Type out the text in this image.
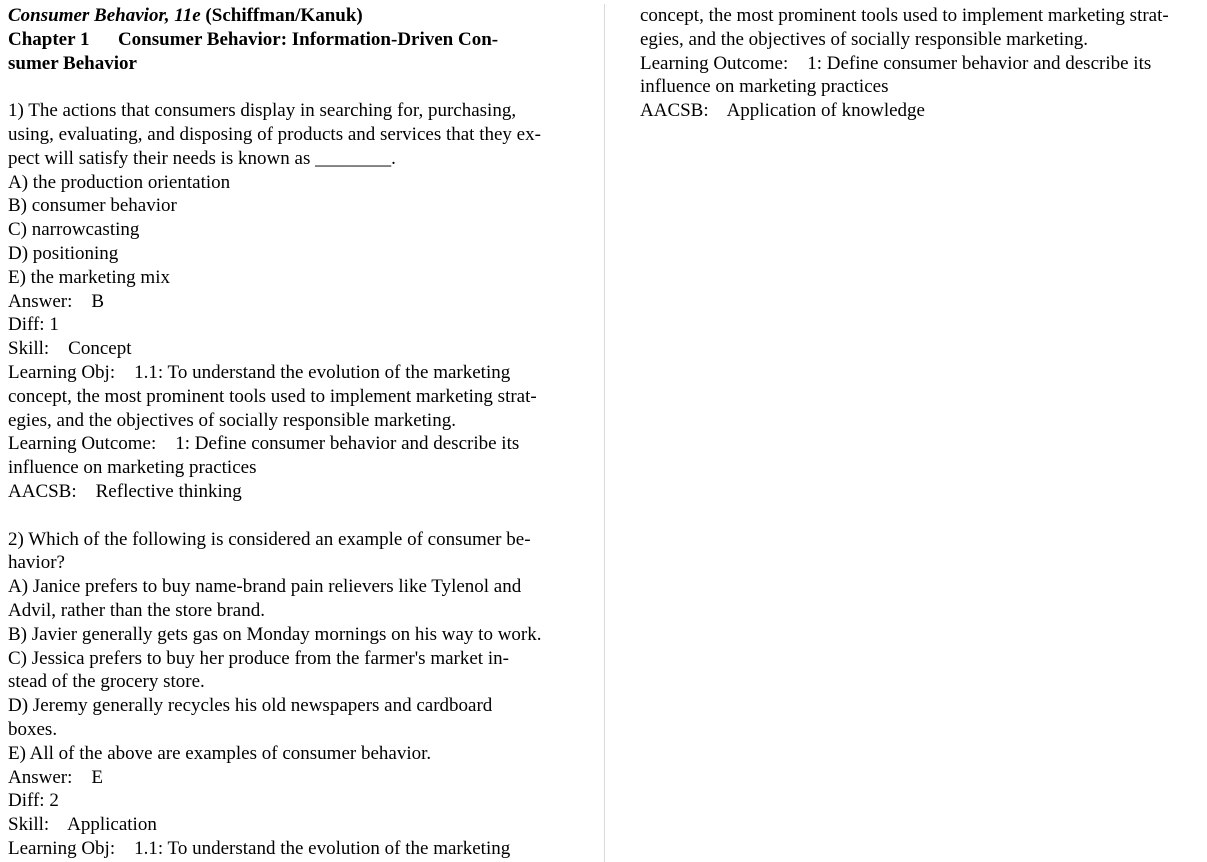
Consumer Behavior, 11e (Schiffman/Kanuk)
Chapter 1      Consumer Behavior: Information-Driven Con-
sumer Behavior
1) The actions that consumers display in searching for, purchasing,
using, evaluating, and disposing of products and services that they ex-
pect will satisfy their needs is known as ________.
A) the production orientation
B) consumer behavior
C) narrowcasting
D) positioning
E) the marketing mix
Answer:    B
Diff: 1
Skill:    Concept
Learning Obj:    1.1: To understand the evolution of the marketing
concept, the most prominent tools used to implement marketing strat-
egies, and the objectives of socially responsible marketing.
Learning Outcome:    1: Define consumer behavior and describe its
influence on marketing practices
AACSB:    Reflective thinking
2) Which of the following is considered an example of consumer be-
havior?
A) Janice prefers to buy name-brand pain relievers like Tylenol and
Advil, rather than the store brand.
B) Javier generally gets gas on Monday mornings on his way to work.
C) Jessica prefers to buy her produce from the farmer's market in-
stead of the grocery store.
D) Jeremy generally recycles his old newspapers and cardboard
boxes.
E) All of the above are examples of consumer behavior.
Answer:    E
Diff: 2
Skill:    Application
Learning Obj:    1.1: To understand the evolution of the marketing
concept, the most prominent tools used to implement marketing strat-
egies, and the objectives of socially responsible marketing.
Learning Outcome:    1: Define consumer behavior and describe its
influence on marketing practices
AACSB:    Application of knowledge
